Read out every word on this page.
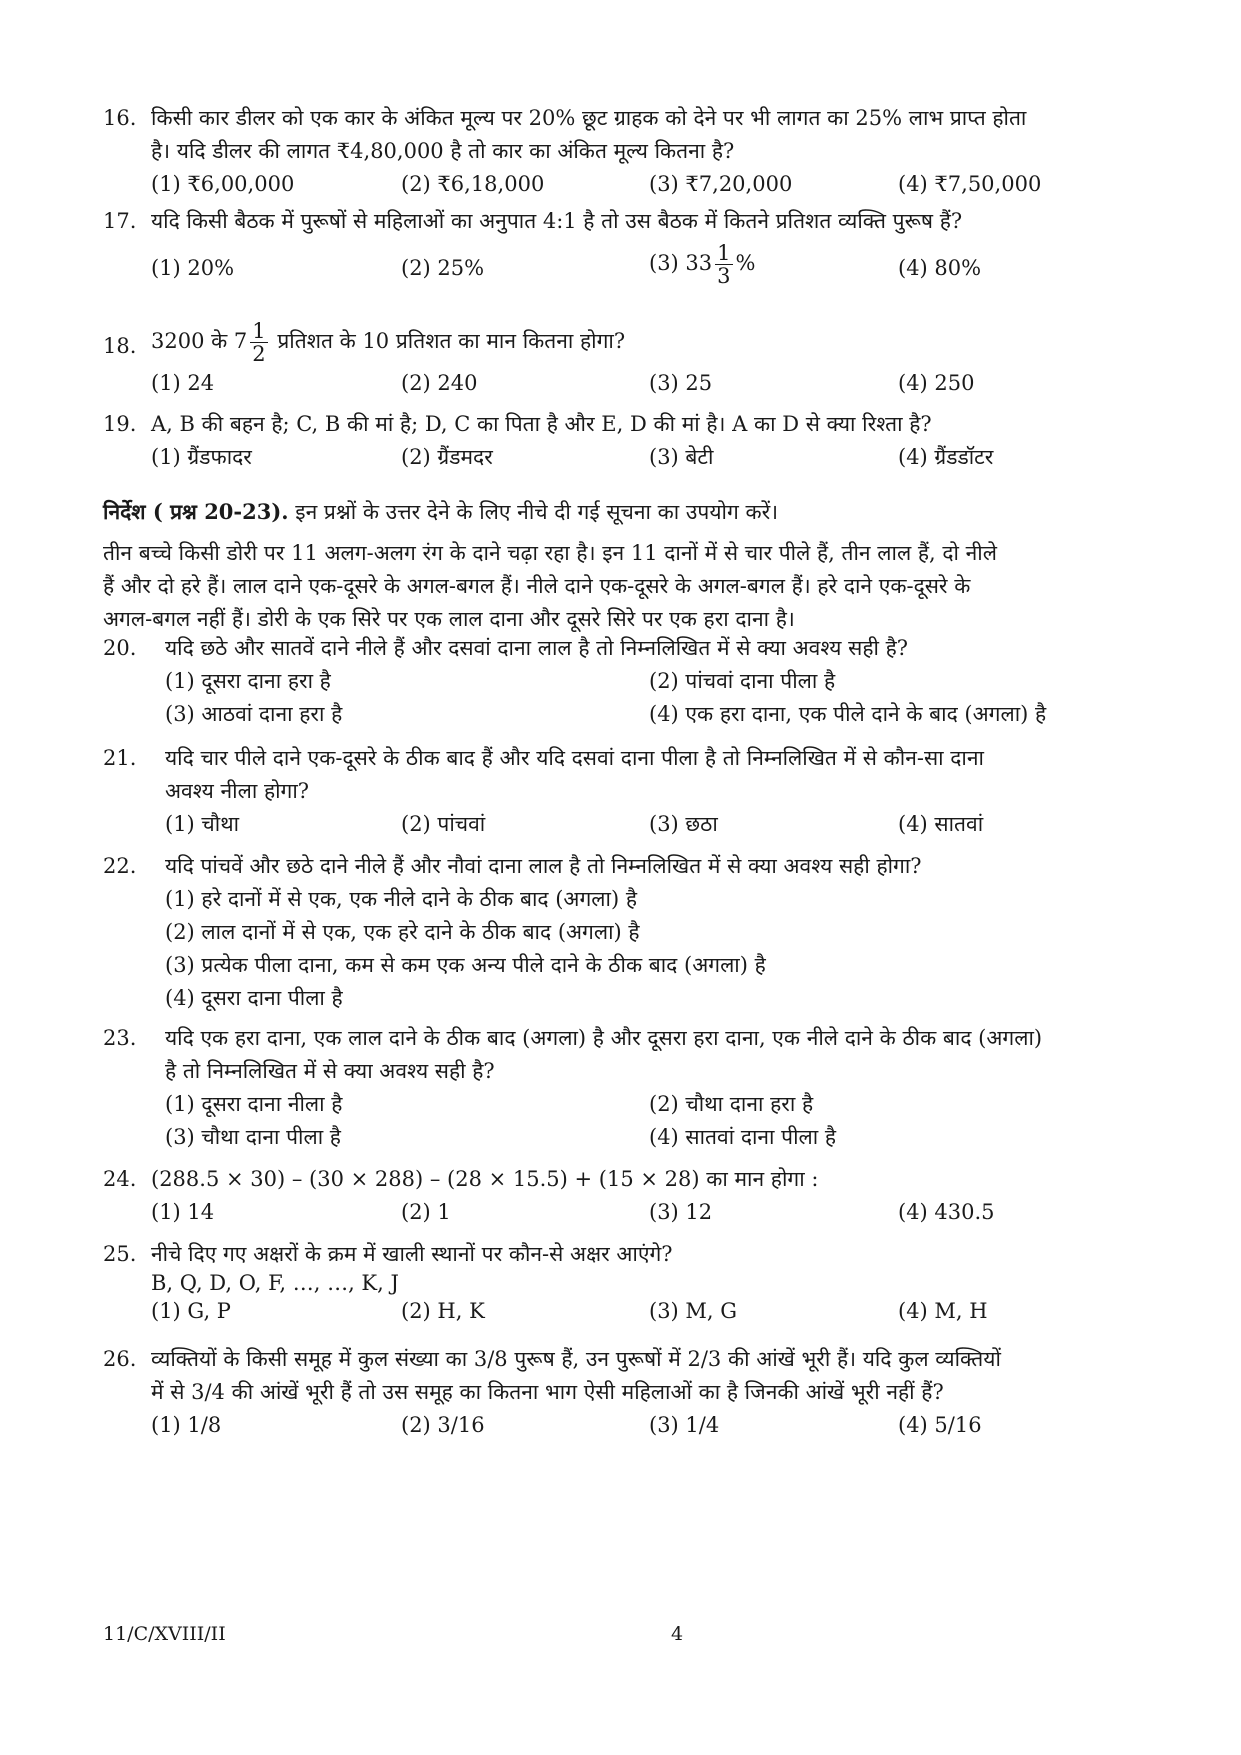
16. किसी कार डीलर को एक कार के अंकित मूल्य पर 20% छूट ग्राहक को देने पर भी लागत का 25% लाभ प्राप्त होता
है। यदि डीलर की लागत ₹4,80,000 है तो कार का अंकित मूल्य कितना है?
(1) ₹6,00,000	(2) ₹6,18,000	(3) ₹7,20,000	(4) ₹7,50,000
17. यदि किसी बैठक में पुरूषों से महिलाओं का अनुपात 4:1 है तो उस बैठक में कितने प्रतिशत व्यक्ति पुरूष हैं?
(1) 20%	(2) 25%	(3) $33 \frac{1}{3}$ %	(4) 80%
18. 3200 के $7 \frac{1}{2}$ प्रतिशत के 10 प्रतिशत का मान कितना होगा?
(1) 24	(2) 240	(3) 25	(4) 250
19. A, B की बहन है; C, B की मां है; D, C का पिता है और E, D की मां है। A का D से क्या रिश्ता है?
(1) ग्रैंडफादर	(2) ग्रैंडमदर	(3) बेटी	(4) ग्रैंडडॉटर
निर्देश ( प्रश्न 20-23). इन प्रश्नों के उत्तर देने के लिए नीचे दी गई सूचना का उपयोग करें।
तीन बच्चे किसी डोरी पर 11 अलग-अलग रंग के दाने चढ़ा रहा है। इन 11 दानों में से चार पीले हैं, तीन लाल हैं, दो नीले
हैं और दो हरे हैं। लाल दाने एक-दूसरे के अगल-बगल हैं। नीले दाने एक-दूसरे के अगल-बगल हैं। हरे दाने एक-दूसरे के
अगल-बगल नहीं हैं। डोरी के एक सिरे पर एक लाल दाना और दूसरे सिरे पर एक हरा दाना है।
20.	यदि छठे और सातवें दाने नीले हैं और दसवां दाना लाल है तो निम्नलिखित में से क्या अवश्य सही है?
(1) दूसरा दाना हरा है	(2) पांचवां दाना पीला है
(3) आठवां दाना हरा है	(4) एक हरा दाना, एक पीले दाने के बाद (अगला) है
21.	यदि चार पीले दाने एक-दूसरे के ठीक बाद हैं और यदि दसवां दाना पीला है तो निम्नलिखित में से कौन-सा दाना
अवश्य नीला होगा?
(1) चौथा	(2) पांचवां	(3) छठा	(4) सातवां
22.	यदि पांचवें और छठे दाने नीले हैं और नौवां दाना लाल है तो निम्नलिखित में से क्या अवश्य सही होगा?
(1) हरे दानों में से एक, एक नीले दाने के ठीक बाद (अगला) है
(2) लाल दानों में से एक, एक हरे दाने के ठीक बाद (अगला) है
(3) प्रत्येक पीला दाना, कम से कम एक अन्य पीले दाने के ठीक बाद (अगला) है
(4) दूसरा दाना पीला है
23.	यदि एक हरा दाना, एक लाल दाने के ठीक बाद (अगला) है और दूसरा हरा दाना, एक नीले दाने के ठीक बाद (अगला)
है तो निम्नलिखित में से क्या अवश्य सही है?
(1) दूसरा दाना नीला है	(2) चौथा दाना हरा है
(3) चौथा दाना पीला है	(4) सातवां दाना पीला है
24. (288.5 × 30) – (30 × 288) – (28 × 15.5) + (15 × 28) का मान होगा :
(1) 14	(2) 1	(3) 12	(4) 430.5
25. नीचे दिए गए अक्षरों के क्रम में खाली स्थानों पर कौन-से अक्षर आएंगे?
B, Q, D, O, F, …, …, K, J
(1) G, P	(2) H, K	(3) M, G	(4) M, H
26. व्यक्तियों के किसी समूह में कुल संख्या का 3/8 पुरूष हैं, उन पुरूषों में 2/3 की आंखें भूरी हैं। यदि कुल व्यक्तियों
में से 3/4 की आंखें भूरी हैं तो उस समूह का कितना भाग ऐसी महिलाओं का है जिनकी आंखें भूरी नहीं हैं?
(1) 1/8	(2) 3/16	(3) 1/4	(4) 5/16
11/C/XVIII/II	4
